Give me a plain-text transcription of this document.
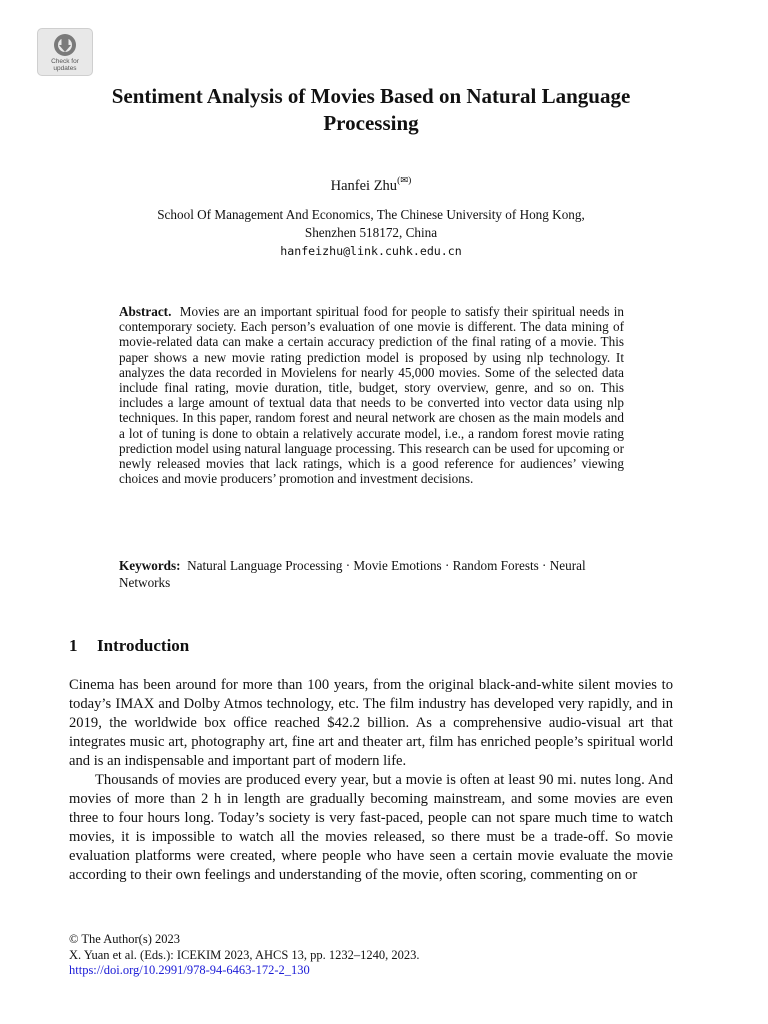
Check for
updates
Sentiment Analysis of Movies Based on Natural Language Processing
Hanfei Zhu(✉)
School Of Management And Economics, The Chinese University of Hong Kong,
Shenzhen 518172, China
hanfeizhu@link.cuhk.edu.cn

Abstract. Movies are an important spiritual food for people to satisfy their spiritual needs in contemporary society. Each person’s evaluation of one movie is different. The data mining of movie-related data can make a certain accuracy prediction of the final rating of a movie. This paper shows a new movie rating prediction model is proposed by using nlp technology. It analyzes the data recorded in Movielens for nearly 45,000 movies. Some of the selected data include final rating, movie duration, title, budget, story overview, genre, and so on. This includes a large amount of textual data that needs to be converted into vector data using nlp techniques. In this paper, random forest and neural network are chosen as the main models and a lot of tuning is done to obtain a relatively accurate model, i.e., a random forest movie rating prediction model using natural language processing. This research can be used for upcoming or newly released movies that lack ratings, which is a good reference for audiences’ viewing choices and movie producers’ promotion and investment decisions.

Keywords: Natural Language Processing · Movie Emotions · Random Forests · Neural Networks

1 Introduction

Cinema has been around for more than 100 years, from the original black-and-white silent movies to today’s IMAX and Dolby Atmos technology, etc. The film industry has developed very rapidly, and in 2019, the worldwide box office reached $42.2 billion. As a comprehensive audio-visual art that integrates music art, photography art, fine art and theater art, film has enriched people’s spiritual world and is an indispensable and important part of modern life.

Thousands of movies are produced every year, but a movie is often at least 90 mi. nutes long. And movies of more than 2 h in length are gradually becoming mainstream, and some movies are even three to four hours long. Today’s society is very fast-paced, people can not spare much time to watch movies, it is impossible to watch all the movies released, so there must be a trade-off. So movie evaluation platforms were created, where people who have seen a certain movie evaluate the movie according to their own feelings and understanding of the movie, often scoring, commenting on or

© The Author(s) 2023
X. Yuan et al. (Eds.): ICEKIM 2023, AHCS 13, pp. 1232–1240, 2023.
https://doi.org/10.2991/978-94-6463-172-2_130
